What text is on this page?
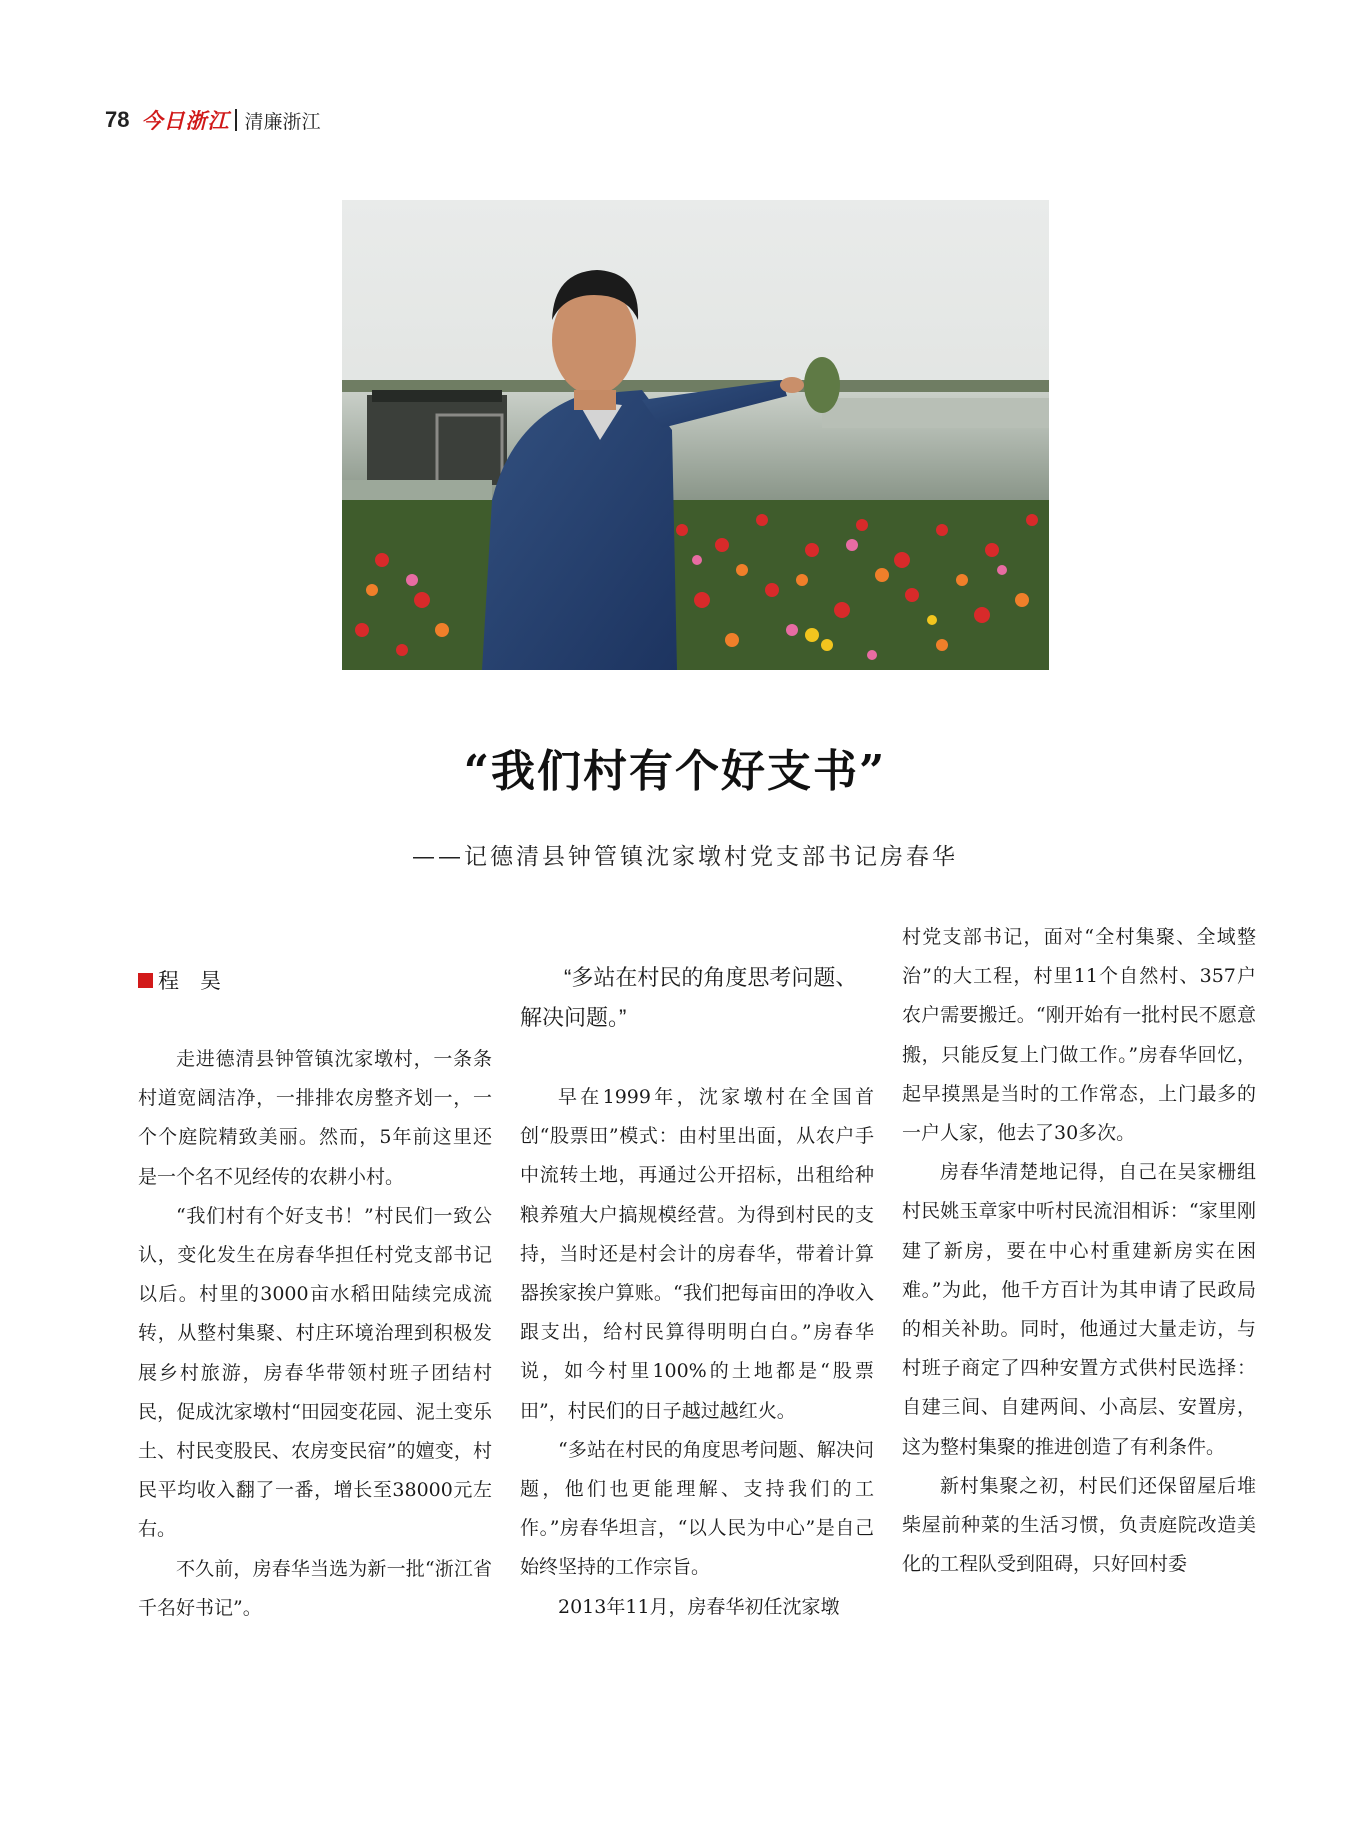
78 今日浙江 清廉浙江
“我们村有个好支书”
——记德清县钟管镇沈家墩村党支部书记房春华
程　昊

走进德清县钟管镇沈家墩村，一条条村道宽阔洁净，一排排农房整齐划一，一个个庭院精致美丽。然而，5年前这里还是一个名不见经传的农耕小村。

“我们村有个好支书！”村民们一致公认，变化发生在房春华担任村党支部书记以后。村里的3000亩水稻田陆续完成流转，从整村集聚、村庄环境治理到积极发展乡村旅游，房春华带领村班子团结村民，促成沈家墩村“田园变花园、泥土变乐土、村民变股民、农房变民宿”的嬗变，村民平均收入翻了一番，增长至38000元左右。

不久前，房春华当选为新一批“浙江省千名好书记”。

“多站在村民的角度思考问题、解决问题。”

早在1999年，沈家墩村在全国首创“股票田”模式：由村里出面，从农户手中流转土地，再通过公开招标，出租给种粮养殖大户搞规模经营。为得到村民的支持，当时还是村会计的房春华，带着计算器挨家挨户算账。“我们把每亩田的净收入跟支出，给村民算得明明白白。”房春华说，如今村里100%的土地都是“股票田”，村民们的日子越过越红火。

“多站在村民的角度思考问题、解决问题，他们也更能理解、支持我们的工作。”房春华坦言，“以人民为中心”是自己始终坚持的工作宗旨。

2013年11月，房春华初任沈家墩

村党支部书记，面对“全村集聚、全域整治”的大工程，村里11个自然村、357户农户需要搬迁。“刚开始有一批村民不愿意搬，只能反复上门做工作。”房春华回忆，起早摸黑是当时的工作常态，上门最多的一户人家，他去了30多次。

房春华清楚地记得，自己在吴家栅组村民姚玉章家中听村民流泪相诉：“家里刚建了新房，要在中心村重建新房实在困难。”为此，他千方百计为其申请了民政局的相关补助。同时，他通过大量走访，与村班子商定了四种安置方式供村民选择：自建三间、自建两间、小高层、安置房，这为整村集聚的推进创造了有利条件。

新村集聚之初，村民们还保留屋后堆柴屋前种菜的生活习惯，负责庭院改造美化的工程队受到阻碍，只好回村委
